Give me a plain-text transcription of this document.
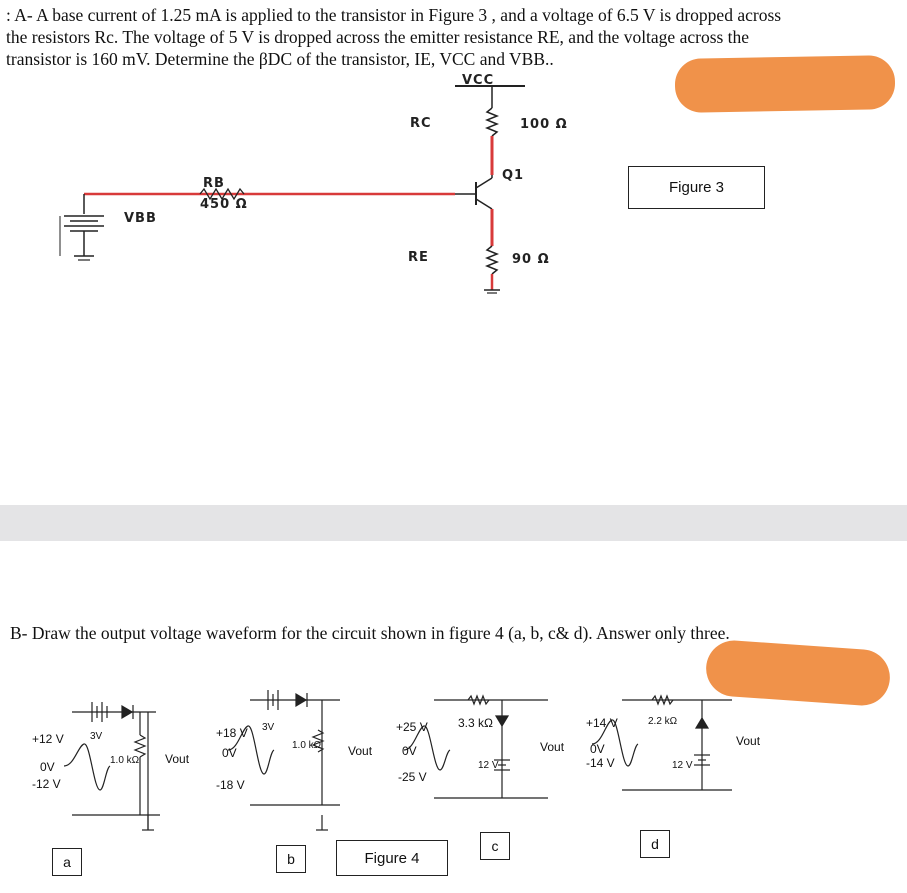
: A- A base current of 1.25 mA is applied to the transistor in Figure 3 , and a voltage of 6.5 V is dropped across

the resistors Rc. The voltage of 5 V is dropped across the emitter resistance RE, and the voltage across the

transistor is 160 mV. Determine the βDC of the transistor, IE, VCC and VBB..

VCC
RC	100 Ω
Q1
RB
450 Ω
VBB
RE	90 Ω
Figure 3

B- Draw the output voltage waveform for the circuit shown in figure 4 (a, b, c& d). Answer only three.

+12 V
0V
-12 V
3V
1.0 kΩ Vout
a
+18 V
0V
-18 V
3V
1.0 kΩ Vout
b
+25 V
0V
-25 V
3.3 kΩ
12 V
Vout
c
+14 V
0V
-14 V
2.2 kΩ
12 V
Vout
d
Figure 4
